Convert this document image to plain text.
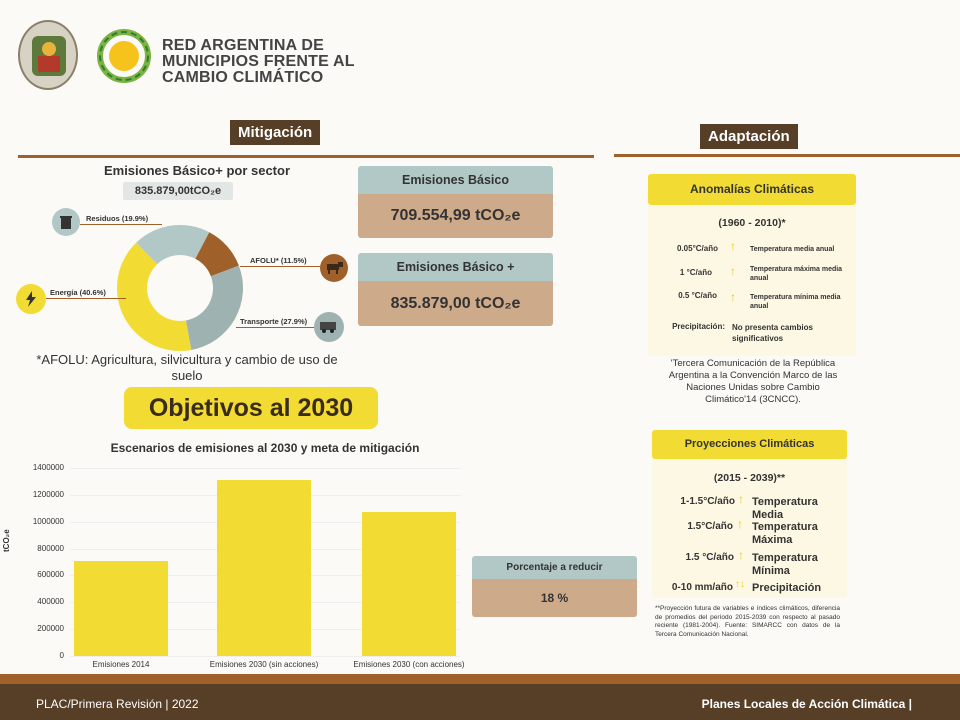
RED ARGENTINA DE
MUNICIPIOS FRENTE AL
CAMBIO CLIMÁTICO
Mitigación
Emisiones Básico+ por sector
835.879,00tCO₂e
Residuos (19.9%)
AFOLU* (11.5%)
Transporte (27.9%)
Energía (40.6%)
Emisiones Básico
709.554,99 tCO₂e
Emisiones Básico +
835.879,00 tCO₂e
*AFOLU: Agricultura, silvicultura y cambio de uso de suelo
Objetivos al 2030
Escenarios de emisiones al 2030 y meta de mitigación
0
200000
400000
600000
800000
1000000
1200000
1400000
Emisiones 2014	Emisiones 2030 (sin acciones)	Emisiones 2030 (con acciones)
tCO₂e
Porcentaje a reducir
18 %
Adaptación
Anomalías Climáticas
(1960 - 2010)*
0.05°C/año ↑ Temperatura media anual
1 °C/año ↑ Temperatura máxima media anual
0.5 °C/año ↑ Temperatura mínima media anual
Precipitación: No presenta cambios significativos
'Tercera Comunicación de la República Argentina a la Convención Marco de las Naciones Unidas sobre Cambio Climático'14 (3CNCC).
Proyecciones Climáticas
(2015 - 2039)**
1-1.5°C/año ↑ Temperatura Media
1.5°C/año ↑ Temperatura Máxima
1.5 °C/año ↑ Temperatura Mínima
0-10 mm/año ↑↓ Precipitación
**Proyección futura de variables e índices climáticos, diferencia de promedios del período 2015-2039 con respecto al pasado reciente (1981-2004). Fuente: SIMARCC con datos de la Tercera Comunicación Nacional.
PLAC/Primera Revisión | 2022	Planes Locales de Acción Climática |
